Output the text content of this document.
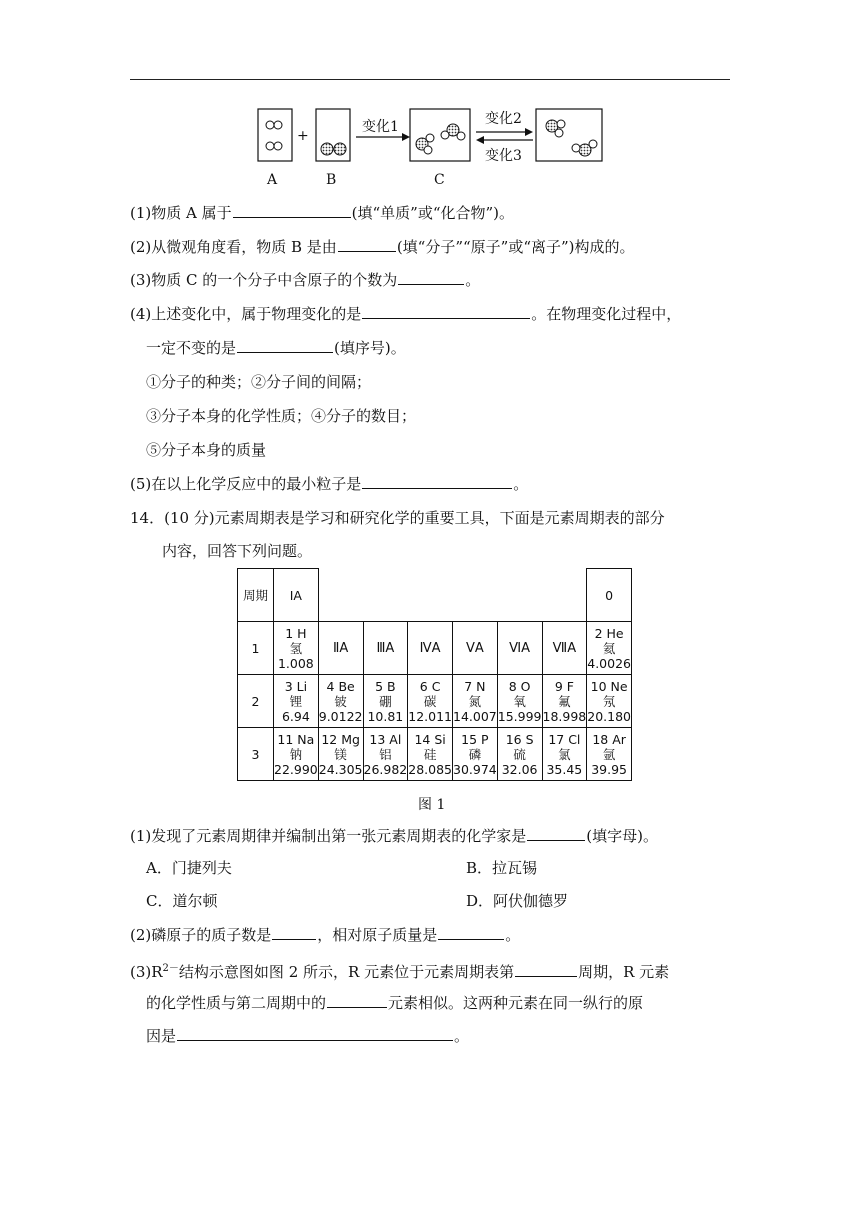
A	B	C
+
变化1	变化2
变化3
(1)物质 A 属于	(填“单质”或“化合物”)。
(2)从微观角度看，物质 B 是由	(填“分子”“原子”或“离子”)构成的。
(3)物质 C 的一个分子中含原子的个数为	。
(4)上述变化中，属于物理变化的是	。在物理变化过程中，
一定不变的是	(填序号)。
①分子的种类；②分子间的间隔；
③分子本身的化学性质；④分子的数目；
⑤分子本身的质量
(5)在以上化学反应中的最小粒子是	。
14．(10 分)元素周期表是学习和研究化学的重要工具，下面是元素周期表的部分
内容，回答下列问题。
周期	ⅠA							0
1	1 H
氢
1.008	ⅡA	ⅢA	ⅣA	ⅤA	ⅥA	ⅦA	2 He
氦
4.0026

2	3 Li
锂
6.94	4 Be
铍
9.0122	5 B
硼
10.81	6 C
碳
12.011	7 N
氮
14.007	8 O
氧
15.999	9 F
氟
18.998	10 Ne
氖
20.180

3	11 Na
钠
22.990	12 Mg
镁
24.305	13 Al
铝
26.982	14 Si
硅
28.085	15 P
磷
30.974	16 S
硫
32.06	17 Cl
氯
35.45	18 Ar
氩
39.95
图 1
(1)发现了元素周期律并编制出第一张元素周期表的化学家是	(填字母)。
A．门捷列夫	B．拉瓦锡
C．道尔顿	D．阿伏伽德罗
(2)磷原子的质子数是	，相对原子质量是	。
$(3)R^{2-}$结构示意图如图 2 所示，R 元素位于元素周期表第	周期，R 元素
的化学性质与第二周期中的	元素相似。这两种元素在同一纵行的原
因是	。
